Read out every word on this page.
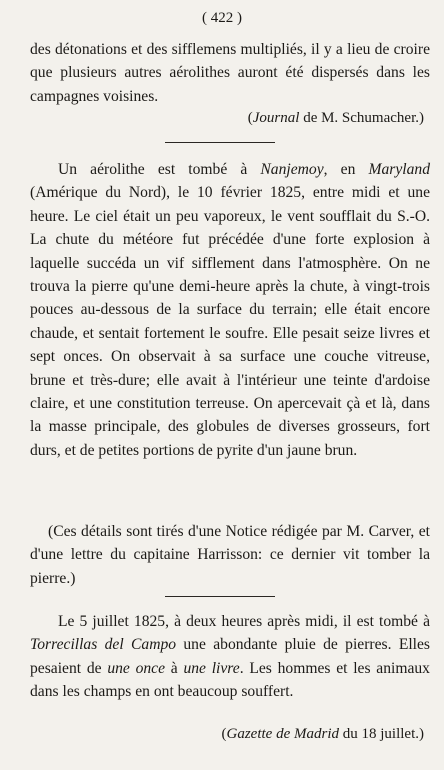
( 422 )
des détonations et des sifflemens multipliés, il y a lieu de croire que plusieurs autres aérolithes auront été dispersés dans les campagnes voisines.
(Journal de M. Schumacher.)
Un aérolithe est tombé à Nanjemoy, en Maryland (Amérique du Nord), le 10 février 1825, entre midi et une heure. Le ciel était un peu vaporeux, le vent soufflait du S.-O. La chute du météore fut précédée d'une forte explosion à laquelle succéda un vif sifflement dans l'atmosphère. On ne trouva la pierre qu'une demi-heure après la chute, à vingt-trois pouces au-dessous de la surface du terrain; elle était encore chaude, et sentait fortement le soufre. Elle pesait seize livres et sept onces. On observait à sa surface une couche vitreuse, brune et très-dure; elle avait à l'intérieur une teinte d'ardoise claire, et une constitution terreuse. On apercevait çà et là, dans la masse principale, des globules de diverses grosseurs, fort durs, et de petites portions de pyrite d'un jaune brun.
(Ces détails sont tirés d'une Notice rédigée par M. Carver, et d'une lettre du capitaine Harrisson: ce dernier vit tomber la pierre.)
Le 5 juillet 1825, à deux heures après midi, il est tombé à Torrecillas del Campo une abondante pluie de pierres. Elles pesaient de une once à une livre. Les hommes et les animaux dans les champs en ont beaucoup souffert.
(Gazette de Madrid du 18 juillet.)
